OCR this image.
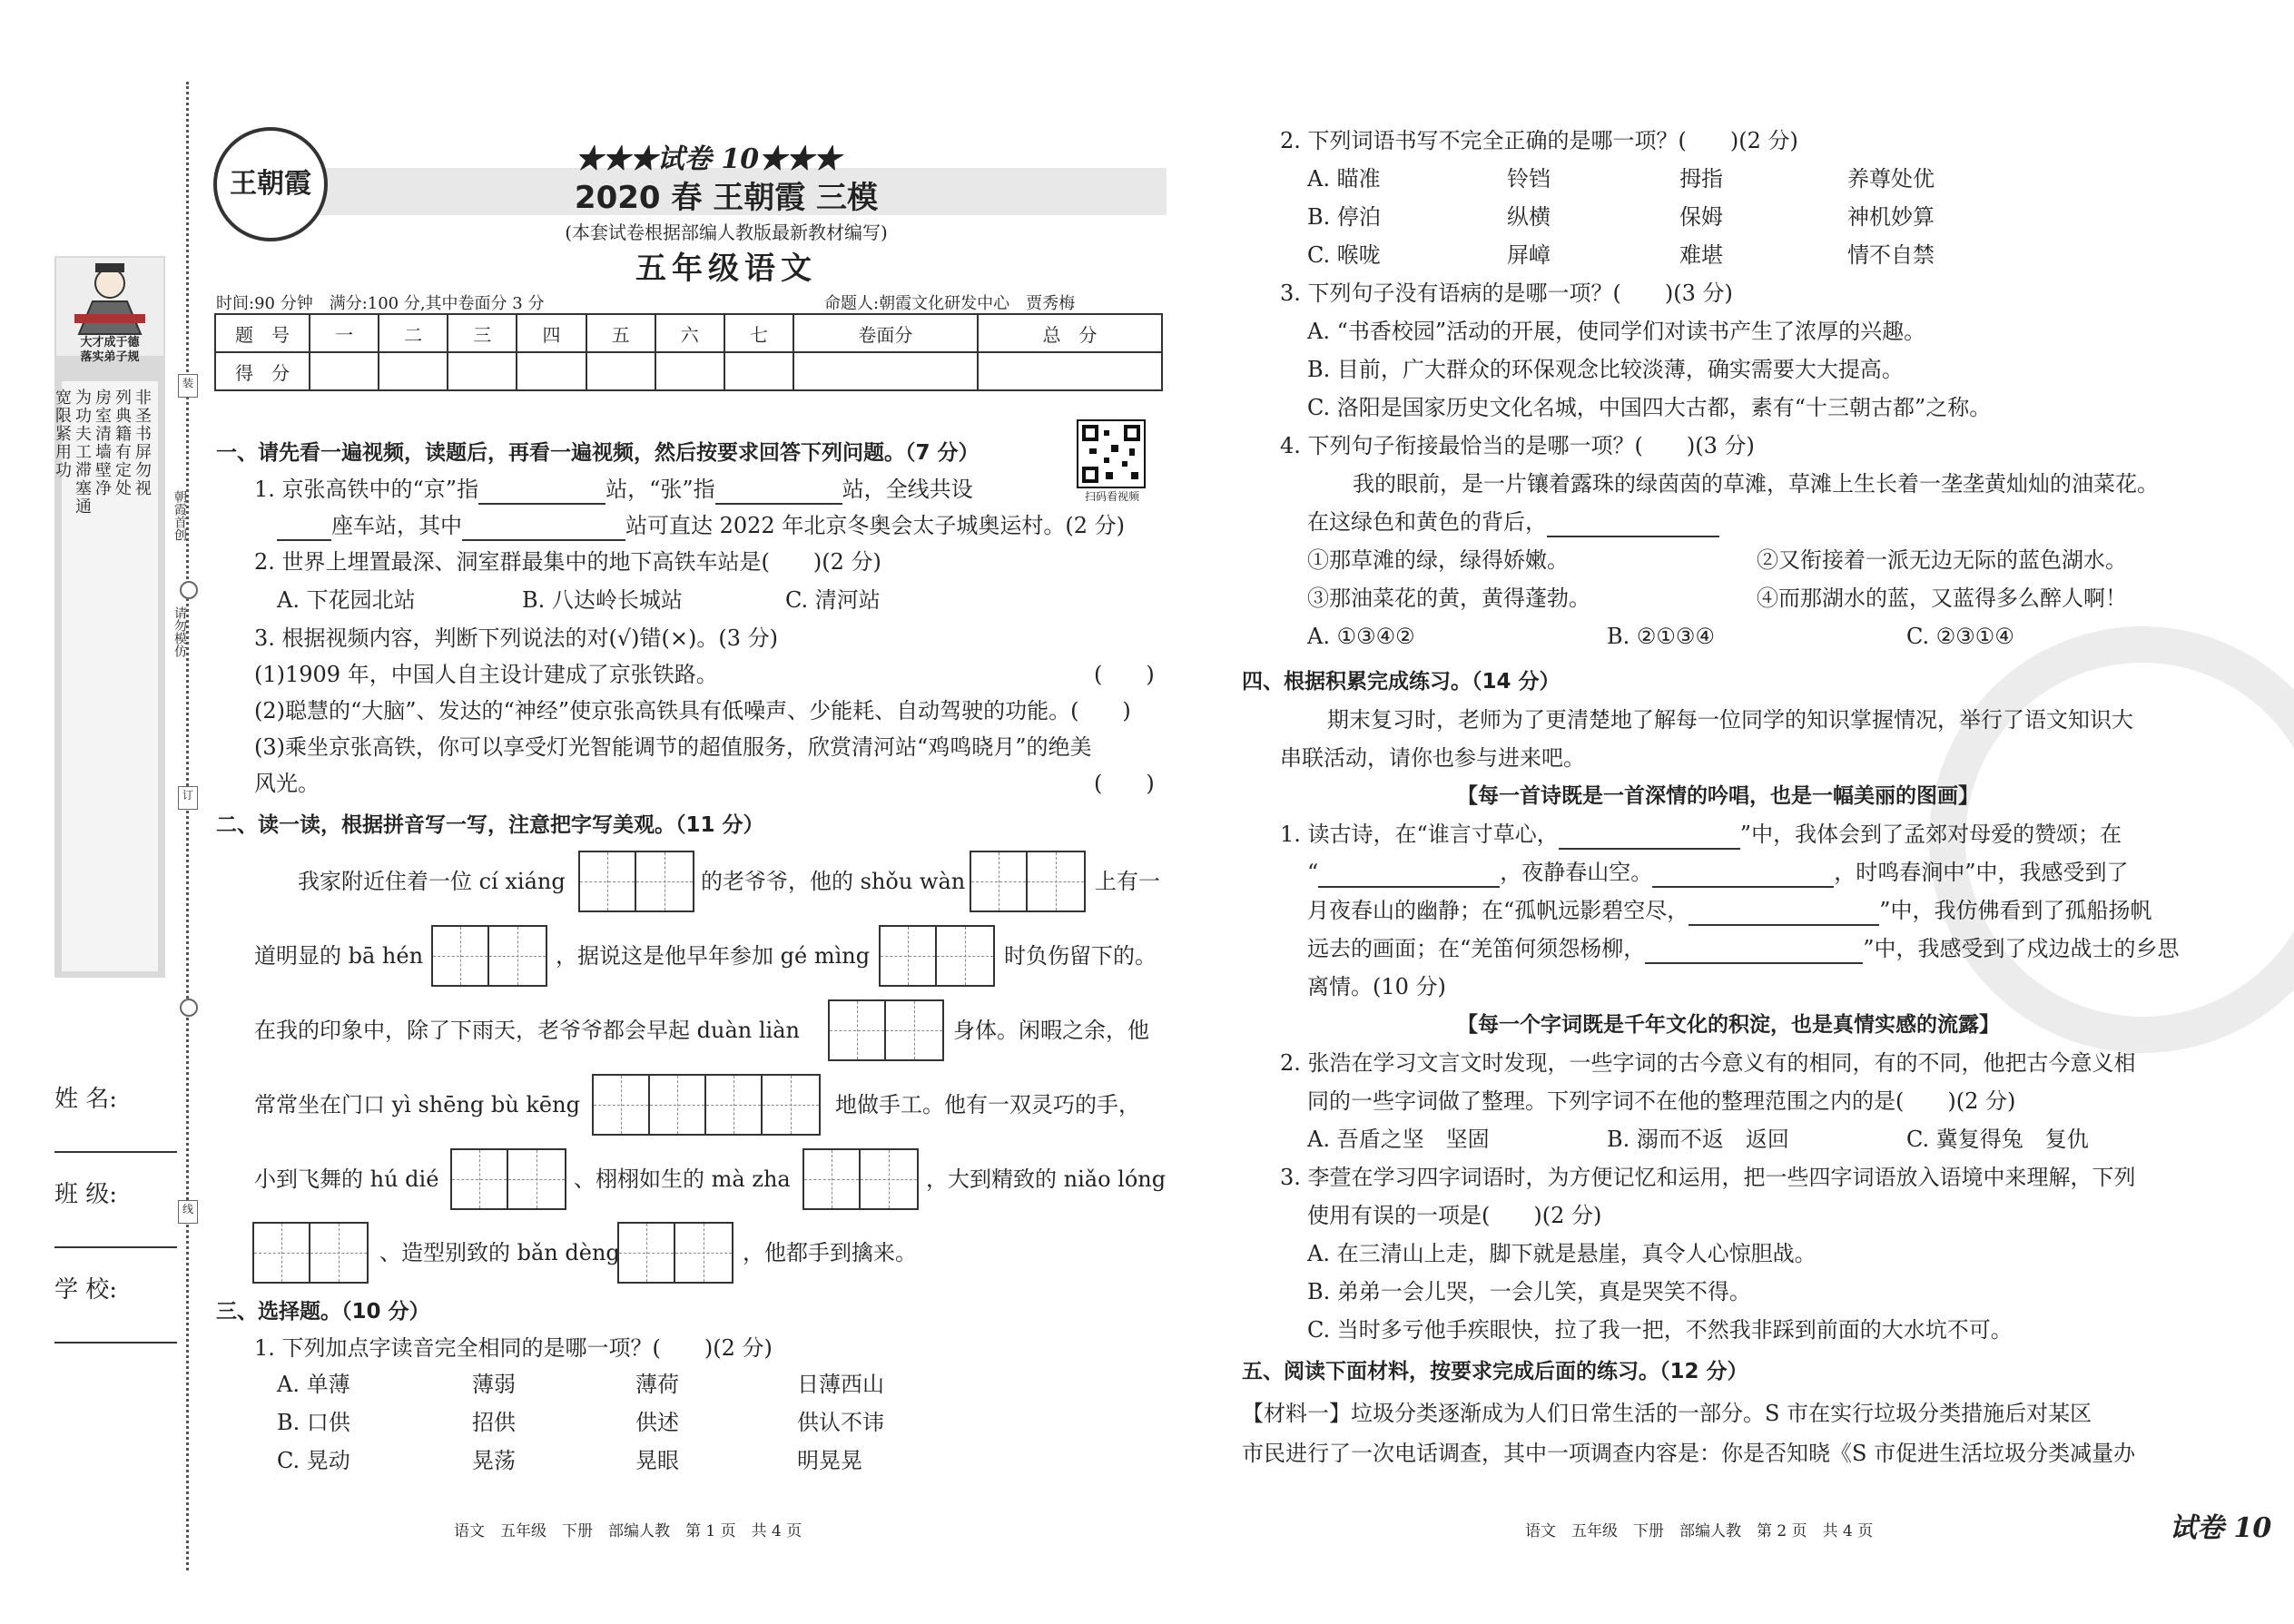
装
订
线
朝霞首创
请勿模仿
大才成于德
落实弟子规
非圣书屏勿视
列典籍有定处
房室清墙壁净
为功夫工滞塞通
宽限紧用功
姓 名:
班 级:
学 校:
王朝霞
★★★试卷 10★★★
2020 春 王朝霞 三模
(本套试卷根据部编人教版最新教材编写)
五年级语文
时间:90 分钟　满分:100 分,其中卷面分 3 分	命题人:朝霞文化研发中心　贾秀梅
题　号	一	二	三	四	五	六	七	卷面分	总　分
得　分									
扫码看视频
一、请先看一遍视频，读题后，再看一遍视频，然后按要求回答下列问题。（7 分）
1. 京张高铁中的“京”指	站，“张”指	站，全线共设
座车站，其中	站可直达 2022 年北京冬奥会太子城奥运村。(2 分)
2. 世界上埋置最深、洞室群最集中的地下高铁车站是(　　)(2 分)
A. 下花园北站	B. 八达岭长城站	C. 清河站
3. 根据视频内容，判断下列说法的对(√)错(×)。(3 分)
(1)1909 年，中国人自主设计建成了京张铁路。	(　　)
(2)聪慧的“大脑”、发达的“神经”使京张高铁具有低噪声、少能耗、自动驾驶的功能。(　　)
(3)乘坐京张高铁，你可以享受灯光智能调节的超值服务，欣赏清河站“鸡鸣晓月”的绝美
风光。	(　　)
二、读一读，根据拼音写一写，注意把字写美观。（11 分）
我家附近住着一位 cí xiáng	的老爷爷，他的 shǒu wàn	上有一
道明显的 bā hén	，据说这是他早年参加 gé mìng	时负伤留下的。
在我的印象中，除了下雨天，老爷爷都会早起 duàn liàn	身体。闲暇之余，他
常常坐在门口 yì shēng bù kēng	地做手工。他有一双灵巧的手，
小到飞舞的 hú dié	、栩栩如生的 mà zha	，大到精致的 niǎo lóng
、造型别致的 bǎn dèng	，他都手到擒来。
三、选择题。（10 分）
1. 下列加点字读音完全相同的是哪一项？(　　)(2 分)
A. 单薄	薄弱	薄荷	日薄西山
B. 口供	招供	供述	供认不讳
C. 晃动	晃荡	晃眼	明晃晃
2. 下列词语书写不完全正确的是哪一项？(　　)(2 分)
A. 瞄准	铃铛	拇指	养尊处优
B. 停泊	纵横	保姆	神机妙算
C. 喉咙	屏嶂	难堪	情不自禁
3. 下列句子没有语病的是哪一项？(　　)(3 分)
A. “书香校园”活动的开展，使同学们对读书产生了浓厚的兴趣。
B. 目前，广大群众的环保观念比较淡薄，确实需要大大提高。
C. 洛阳是国家历史文化名城，中国四大古都，素有“十三朝古都”之称。
4. 下列句子衔接最恰当的是哪一项？(　　)(3 分)
我的眼前，是一片镶着露珠的绿茵茵的草滩，草滩上生长着一垄垄黄灿灿的油菜花。
在这绿色和黄色的背后，
①那草滩的绿，绿得娇嫩。	②又衔接着一派无边无际的蓝色湖水。
③那油菜花的黄，黄得蓬勃。	④而那湖水的蓝，又蓝得多么醉人啊！
A. ①③④②	B. ②①③④	C. ②③①④
四、根据积累完成练习。（14 分）
期末复习时，老师为了更清楚地了解每一位同学的知识掌握情况，举行了语文知识大
串联活动，请你也参与进来吧。
【每一首诗既是一首深情的吟唱，也是一幅美丽的图画】
1. 读古诗，在“谁言寸草心，	”中，我体会到了孟郊对母爱的赞颂；在
“	，夜静春山空。	，时鸣春涧中”中，我感受到了
月夜春山的幽静；在“孤帆远影碧空尽，	”中，我仿佛看到了孤船扬帆
远去的画面；在“羌笛何须怨杨柳，	”中，我感受到了戍边战士的乡思
离情。(10 分)
【每一个字词既是千年文化的积淀，也是真情实感的流露】
2. 张浩在学习文言文时发现，一些字词的古今意义有的相同，有的不同，他把古今意义相
同的一些字词做了整理。下列字词不在他的整理范围之内的是(　　)(2 分)
A. 吾盾之坚　坚固	B. 溺而不返　返回	C. 冀复得兔　复仇
3. 李萱在学习四字词语时，为方便记忆和运用，把一些四字词语放入语境中来理解，下列
使用有误的一项是(　　)(2 分)
A. 在三清山上走，脚下就是悬崖，真令人心惊胆战。
B. 弟弟一会儿哭，一会儿笑，真是哭笑不得。
C. 当时多亏他手疾眼快，拉了我一把，不然我非踩到前面的大水坑不可。
五、阅读下面材料，按要求完成后面的练习。（12 分）
【材料一】垃圾分类逐渐成为人们日常生活的一部分。S 市在实行垃圾分类措施后对某区
市民进行了一次电话调查，其中一项调查内容是：你是否知晓《S 市促进生活垃圾分类减量办
语文　五年级　下册　部编人教　第 1 页　共 4 页	语文　五年级　下册　部编人教　第 2 页　共 4 页	试卷 10
